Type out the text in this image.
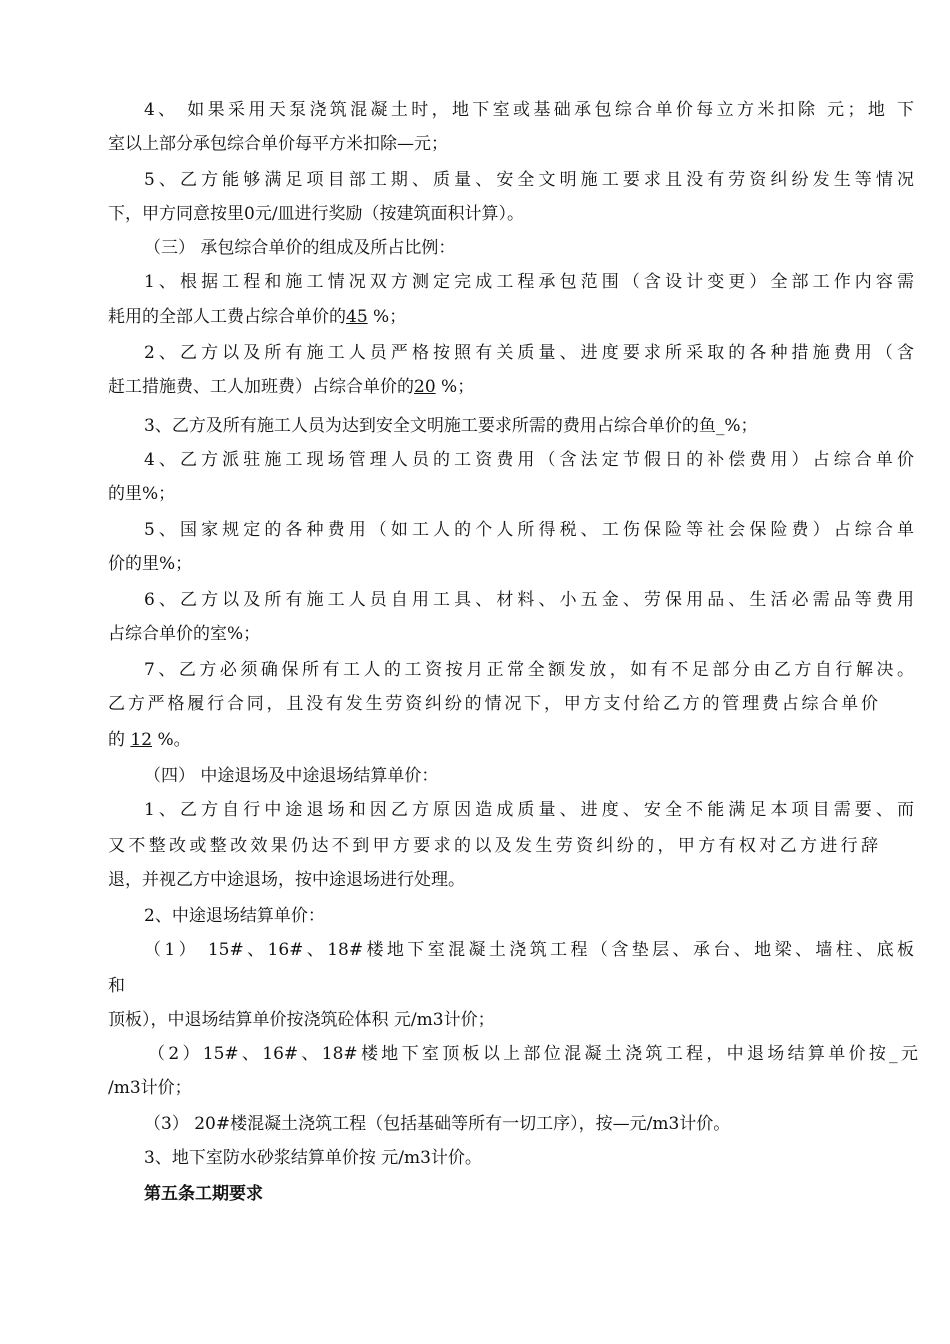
4、 如果采用天泵浇筑混凝土时，地下室或基础承包综合单价每立方米扣除 元；地 下

室以上部分承包综合单价每平方米扣除—元；

5、乙方能够满足项目部工期、质量、安全文明施工要求且没有劳资纠纷发生等情况

下，甲方同意按里0元/皿进行奖励（按建筑面积计算）。

（三） 承包综合单价的组成及所占比例：

1、根据工程和施工情况双方测定完成工程承包范围（含设计变更）全部工作内容需

耗用的全部人工费占综合单价的45 %；

2、乙方以及所有施工人员严格按照有关质量、进度要求所采取的各种措施费用（含

赶工措施费、工人加班费）占综合单价的20 %；

3、乙方及所有施工人员为达到安全文明施工要求所需的费用占综合单价的鱼_%；

4、乙方派驻施工现场管理人员的工资费用（含法定节假日的补偿费用）占综合单价

的里%；

5、国家规定的各种费用（如工人的个人所得税、工伤保险等社会保险费）占综合单

价的里%；

6、乙方以及所有施工人员自用工具、材料、小五金、劳保用品、生活必需品等费用

占综合单价的室%；

7、乙方必须确保所有工人的工资按月正常全额发放，如有不足部分由乙方自行解决。

乙方严格履行合同，且没有发生劳资纠纷的情况下，甲方支付给乙方的管理费占综合单价

的 12 %。

（四） 中途退场及中途退场结算单价：

1、乙方自行中途退场和因乙方原因造成质量、进度、安全不能满足本项目需要、而

又不整改或整改效果仍达不到甲方要求的以及发生劳资纠纷的，甲方有权对乙方进行辞

退，并视乙方中途退场，按中途退场进行处理。

2、中途退场结算单价：

（1） 15#、16#、18#楼地下室混凝土浇筑工程（含垫层、承台、地梁、墙柱、底板

和

顶板），中退场结算单价按浇筑砼体积 元/m3计价；

（2）15#、16#、18#楼地下室顶板以上部位混凝土浇筑工程，中退场结算单价按_元

/m3计价；

（3） 20#楼混凝土浇筑工程（包括基础等所有一切工序），按—元/m3计价。

3、地下室防水砂浆结算单价按 元/m3计价。

第五条工期要求
